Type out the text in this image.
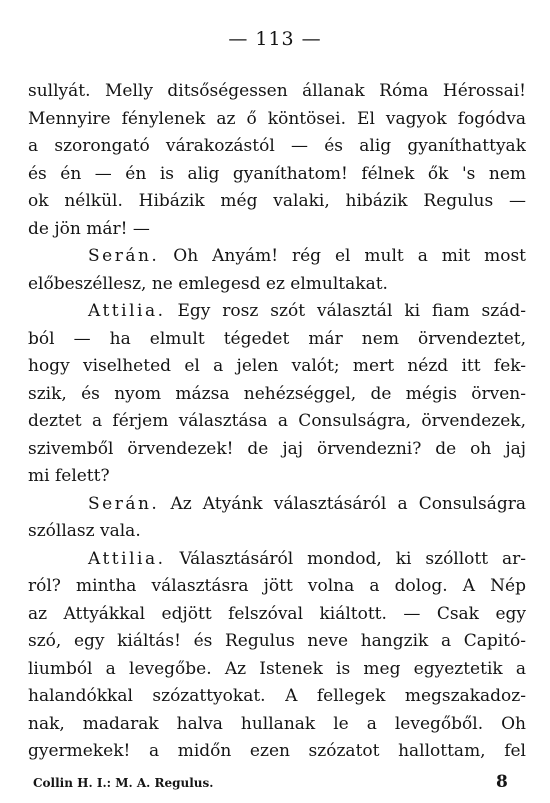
— 113 —
sullyát. Melly ditsőségessen állanak Róma Hérossai!
Mennyire fénylenek az ő köntösei. El vagyok fogódva
a szorongató várakozástól — és alig gyaníthattyak
és én — én is alig gyaníthatom! félnek ők 's nem
ok nélkül. Hibázik még valaki, hibázik Regulus —
de jön már! —
Serán. Oh Anyám! rég el mult a mit most
előbeszéllesz, ne emlegesd ez elmultakat.
Attilia. Egy rosz szót választál ki fiam szád-
ból — ha elmult tégedet már nem örvendeztet,
hogy viselheted el a jelen valót; mert nézd itt fek-
szik, és nyom mázsa nehézséggel, de mégis örven-
deztet a férjem választása a Consulságra, örvendezek,
szivemből örvendezek! de jaj örvendezni? de oh jaj
mi felett?
Serán. Az Atyánk választásáról a Consulságra
szóllasz vala.
Attilia. Választásáról mondod, ki szóllott ar-
ról? mintha választásra jött volna a dolog. A Nép
az Attyákkal edjött felszóval kiáltott. — Csak egy
szó, egy kiáltás! és Regulus neve hangzik a Capitó-
liumból a levegőbe. Az Istenek is meg egyeztetik a
halandókkal szózattyokat. A fellegek megszakadoz-
nak, madarak halva hullanak le a levegőből. Oh
gyermekek! a midőn ezen szózatot hallottam, fel
Collin H. I.: M. A. Regulus.	8
